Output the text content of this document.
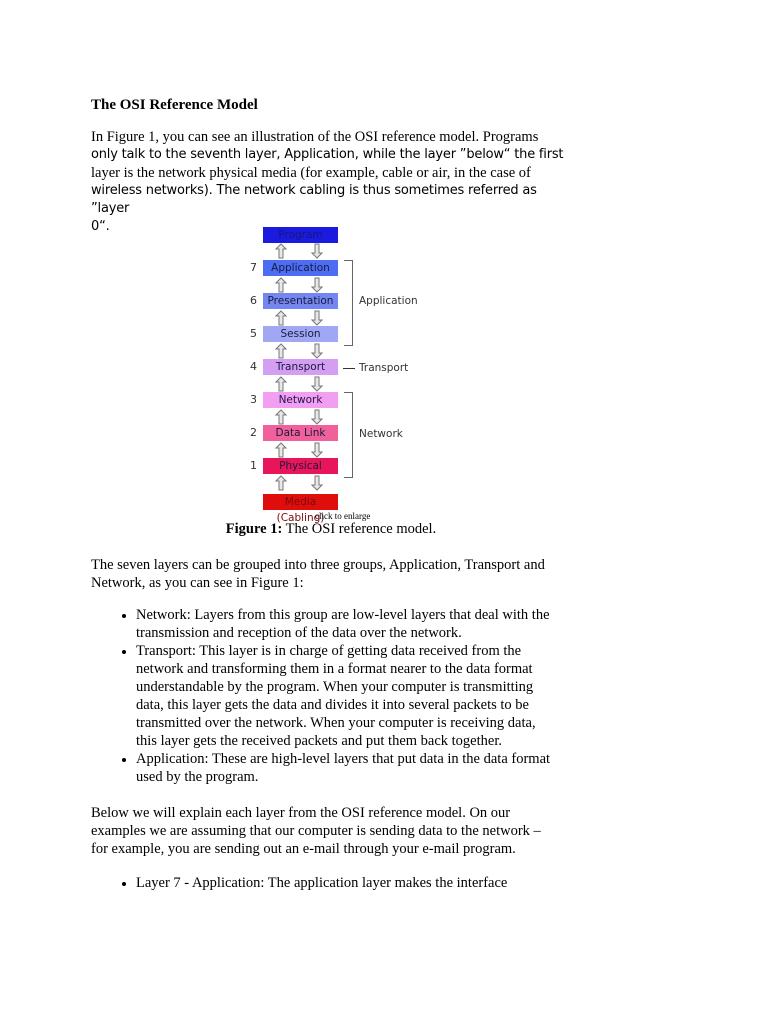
The OSI Reference Model

In Figure 1, you can see an illustration of the OSI reference model. Programs
only talk to the seventh layer, Application, while the layer ”below“ the first
layer is the network physical media (for example, cable or air, in the case of
wireless networks). The network cabling is thus sometimes referred as ”layer
0“.
Program
Application
7
Presentation
6
Session
5
Transport
4
Network
3
Data Link
2
Physical
1
Application
Transport
Network
Media (Cabling)
click to enlarge

Figure 1: The OSI reference model.

The seven layers can be grouped into three groups, Application, Transport and
Network, as you can see in Figure 1:
• Network: Layers from this group are low-level layers that deal with the
transmission and reception of the data over the network.
• Transport: This layer is in charge of getting data received from the
network and transforming them in a format nearer to the data format
understandable by the program. When your computer is transmitting
data, this layer gets the data and divides it into several packets to be
transmitted over the network. When your computer is receiving data,
this layer gets the received packets and put them back together.
• Application: These are high-level layers that put data in the data format
used by the program.
Below we will explain each layer from the OSI reference model. On our
examples we are assuming that our computer is sending data to the network –
for example, you are sending out an e-mail through your e-mail program.
• Layer 7 - Application: The application layer makes the interface
